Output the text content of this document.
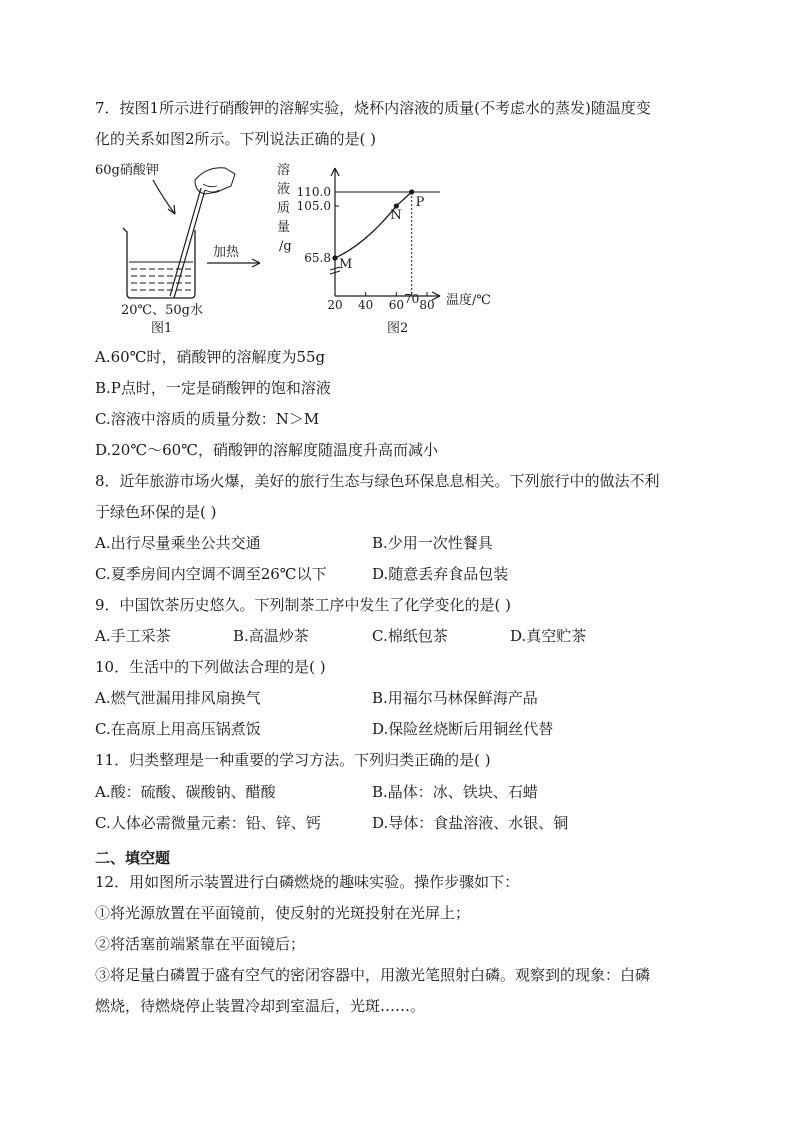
7．按图1所示进行硝酸钾的溶解实验，烧杯内溶液的质量(不考虑水的蒸发)随温度变
化的关系如图2所示。下列说法正确的是( )
60g硝酸钾
加热
20℃、50g水
图1
溶
液
质
量
/g
110.0
105.0
65.8
20 40 60 70 80
M
N
P
温度/℃
图2
A.60℃时，硝酸钾的溶解度为55g
B.P点时，一定是硝酸钾的饱和溶液
C.溶液中溶质的质量分数：N＞M
D.20℃～60℃，硝酸钾的溶解度随温度升高而减小
8．近年旅游市场火爆，美好的旅行生态与绿色环保息息相关。下列旅行中的做法不利
于绿色环保的是( )
A.出行尽量乘坐公共交通	B.少用一次性餐具
C.夏季房间内空调不调至26℃以下	D.随意丢弃食品包装
9．中国饮茶历史悠久。下列制茶工序中发生了化学变化的是( )
A.手工采茶	B.高温炒茶	C.棉纸包茶	D.真空贮茶
10．生活中的下列做法合理的是( )
A.燃气泄漏用排风扇换气	B.用福尔马林保鲜海产品
C.在高原上用高压锅煮饭	D.保险丝烧断后用铜丝代替
11．归类整理是一种重要的学习方法。下列归类正确的是( )
A.酸：硫酸、碳酸钠、醋酸	B.晶体：冰、铁块、石蜡
C.人体必需微量元素：铅、锌、钙	D.导体：食盐溶液、水银、铜
二、填空题
12．用如图所示装置进行白磷燃烧的趣味实验。操作步骤如下：
①将光源放置在平面镜前，使反射的光斑投射在光屏上；
②将活塞前端紧靠在平面镜后；
③将足量白磷置于盛有空气的密闭容器中，用激光笔照射白磷。观察到的现象：白磷
燃烧，待燃烧停止装置冷却到室温后，光斑……。
